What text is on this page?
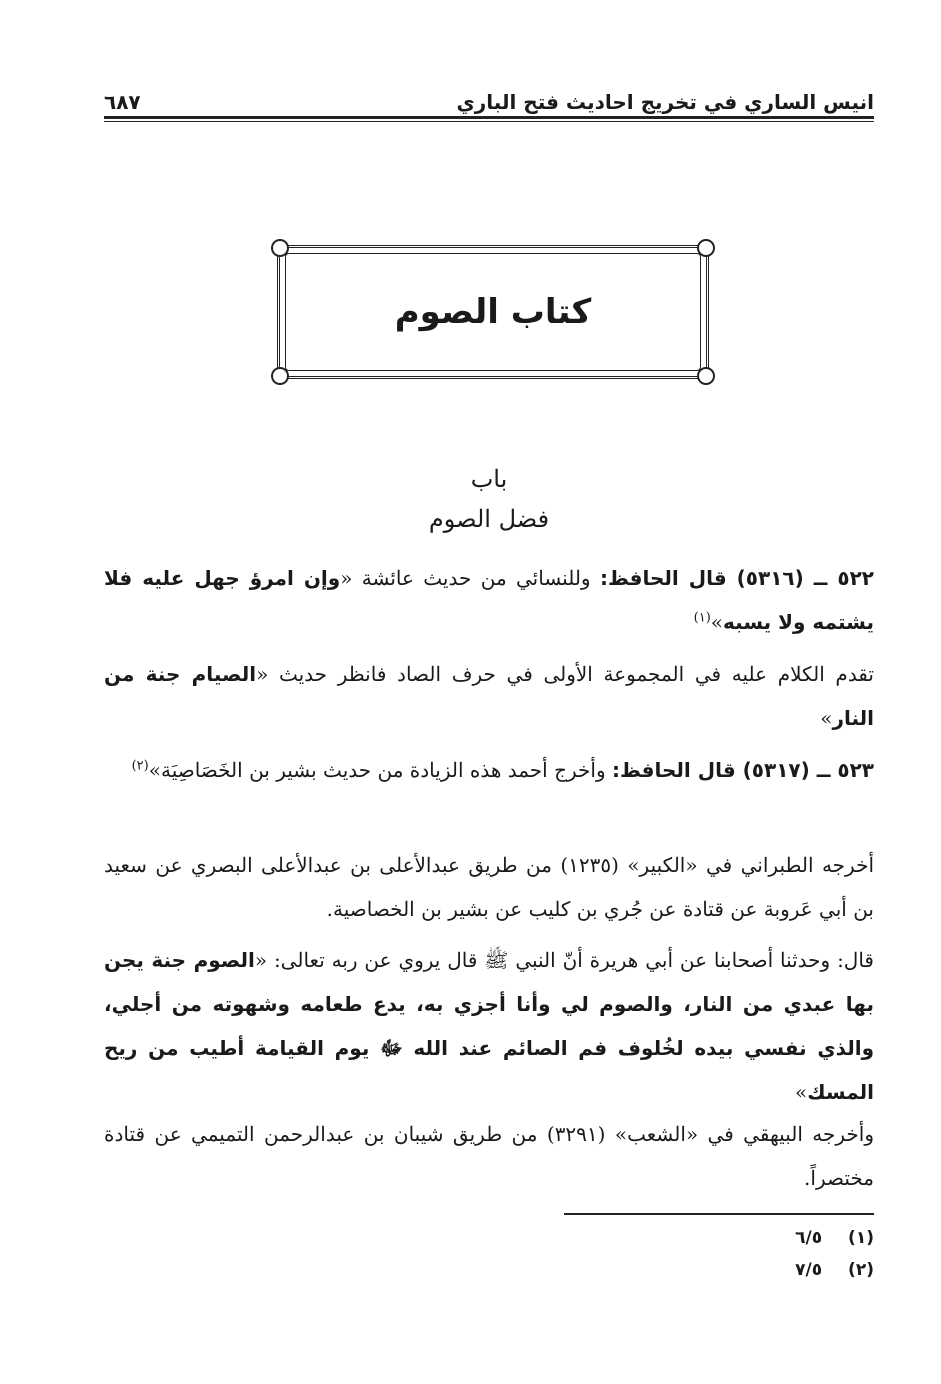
انيس الساري في تخريج احاديث فتح الباري
٦٨٧
كتاب الصوم
باب
فضل الصوم
٥٢٢ ــ (٥٣١٦) قال الحافظ: وللنسائي من حديث عائشة «وإن امرؤ جهل عليه فلا يشتمه ولا يسبه»$^{(١)}$
تقدم الكلام عليه في المجموعة الأولى في حرف الصاد فانظر حديث «الصيام جنة من النار»
٥٢٣ ــ (٥٣١٧) قال الحافظ: وأخرج أحمد هذه الزيادة من حديث بشير بن الخَصَاصِيَة»$^{(٢)}$
أخرجه الطبراني في «الكبير» (١٢٣٥) من طريق عبدالأعلى بن عبدالأعلى البصري عن سعيد بن أبي عَروبة عن قتادة عن جُري بن كليب عن بشير بن الخصاصية.
قال: وحدثنا أصحابنا عن أبي هريرة أنّ النبي ﷺ قال يروي عن ربه تعالى: «الصوم جنة يجن بها عبدي من النار، والصوم لي وأنا أجزي به، يدع طعامه وشهوته من أجلي، والذي نفسي بيده لخُلوف فم الصائم عند الله ﷻ يوم القيامة أطيب من ريح المسك»
وأخرجه البيهقي في «الشعب» (٣٢٩١) من طريق شيبان بن عبدالرحمن التميمي عن قتادة مختصراً.
(١) ٦/٥
(٢) ٧/٥
